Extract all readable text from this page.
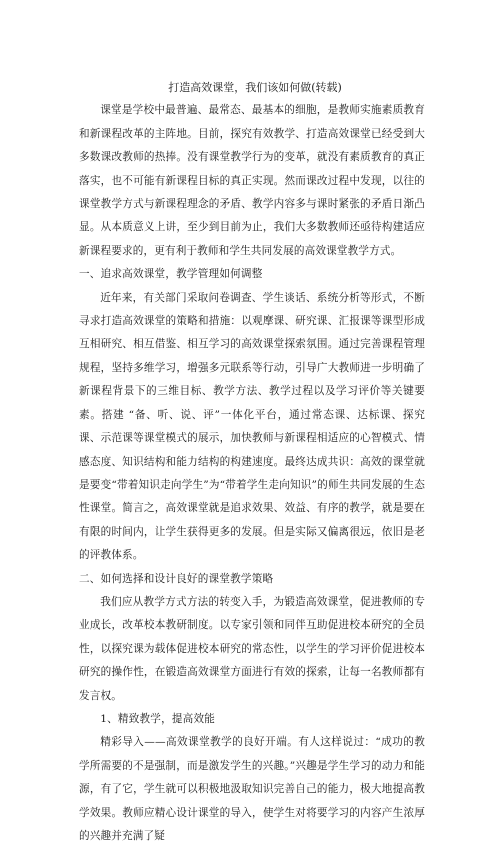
打造高效课堂，我们该如何做(转载)

课堂是学校中最普遍、最常态、最基本的细胞，是教师实施素质教育和新课程改革的主阵地。目前，探究有效教学、打造高效课堂已经受到大多数课改教师的热捧。没有课堂教学行为的变革，就没有素质教育的真正落实，也不可能有新课程目标的真正实现。然而课改过程中发现，以往的课堂教学方式与新课程理念的矛盾、教学内容多与课时紧张的矛盾日渐凸显。从本质意义上讲，至少到目前为止，我们大多数教师还亟待构建适应新课程要求的，更有利于教师和学生共同发展的高效课堂教学方式。

一、追求高效课堂，教学管理如何调整

近年来，有关部门采取问卷调查、学生谈话、系统分析等形式，不断寻求打造高效课堂的策略和措施：以观摩课、研究课、汇报课等课型形成互相研究、相互借鉴、相互学习的高效课堂探索氛围。通过完善课程管理规程，坚持多维学习，增强多元联系等行动，引导广大教师进一步明确了新课程背景下的三维目标、教学方法、教学过程以及学习评价等关键要素。搭建 “备、听、说、评”一体化平台，通过常态课、达标课、探究课、示范课等课堂模式的展示，加快教师与新课程相适应的心智模式、情感态度、知识结构和能力结构的构建速度。最终达成共识：高效的课堂就是要变“带着知识走向学生”为“带着学生走向知识”的师生共同发展的生态性课堂。简言之，高效课堂就是追求效果、效益、有序的教学，就是要在有限的时间内，让学生获得更多的发展。但是实际又偏离很远，依旧是老的评教体系。

二、如何选择和设计良好的课堂教学策略

我们应从教学方式方法的转变入手，为锻造高效课堂，促进教师的专业成长，改革校本教研制度。以专家引领和同伴互助促进校本研究的全员性，以探究课为载体促进校本研究的常态性，以学生的学习评价促进校本研究的操作性，在锻造高效课堂方面进行有效的探索，让每一名教师都有发言权。

1、精致教学，提高效能

精彩导入——高效课堂教学的良好开端。有人这样说过：“成功的教学所需要的不是强制，而是激发学生的兴趣。”兴趣是学生学习的动力和能源，有了它，学生就可以积极地汲取知识完善自己的能力，极大地提高教学效果。教师应精心设计课堂的导入，使学生对将要学习的内容产生浓厚的兴趣并充满了疑
